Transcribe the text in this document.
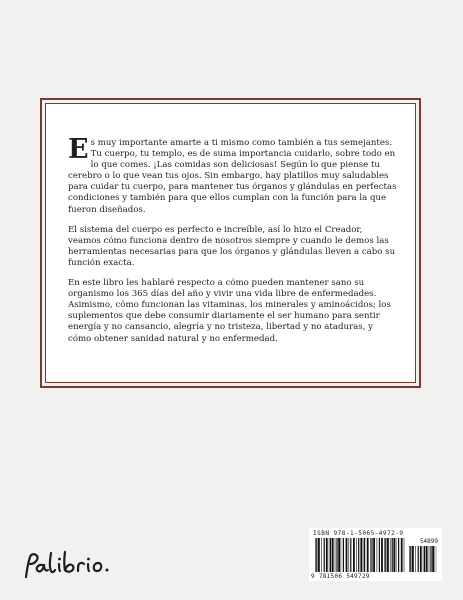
Es muy importante amarte a ti mismo como también a tus semejantes. Tu cuerpo, tu templo, es de suma importancia cuidarlo, sobre todo en lo que comes. ¡Las comidas son deliciosas! Según lo que piense tu cerebro o lo que vean tus ojos. Sin embargo, hay platillos muy saludables para cuidar tu cuerpo, para mantener tus órganos y glándulas en perfectas condiciones y también para que ellos cumplan con la función para la que fueron diseñados.

El sistema del cuerpo es perfecto e increíble, así lo hizo el Creador, veamos cómo funciona dentro de nosotros siempre y cuando le demos las herramientas necesarias para que los órganos y glándulas lleven a cabo su función exacta.

En este libro les hablaré respecto a cómo pueden mantener sano su organismo los 365 días del año y vivir una vida libre de enfermedades. Asimismo, cómo funcionan las vitaminas, los minerales y aminoácidos; los suplementos que debe consumir diariamente el ser humano para sentir energía y no cansancio, alegría y no tristeza, libertad y no ataduras, y cómo obtener sanidad natural y no enfermedad.

palibrio.
ISBN 978-1-5065-4972-9
54899
9 781506 549729
